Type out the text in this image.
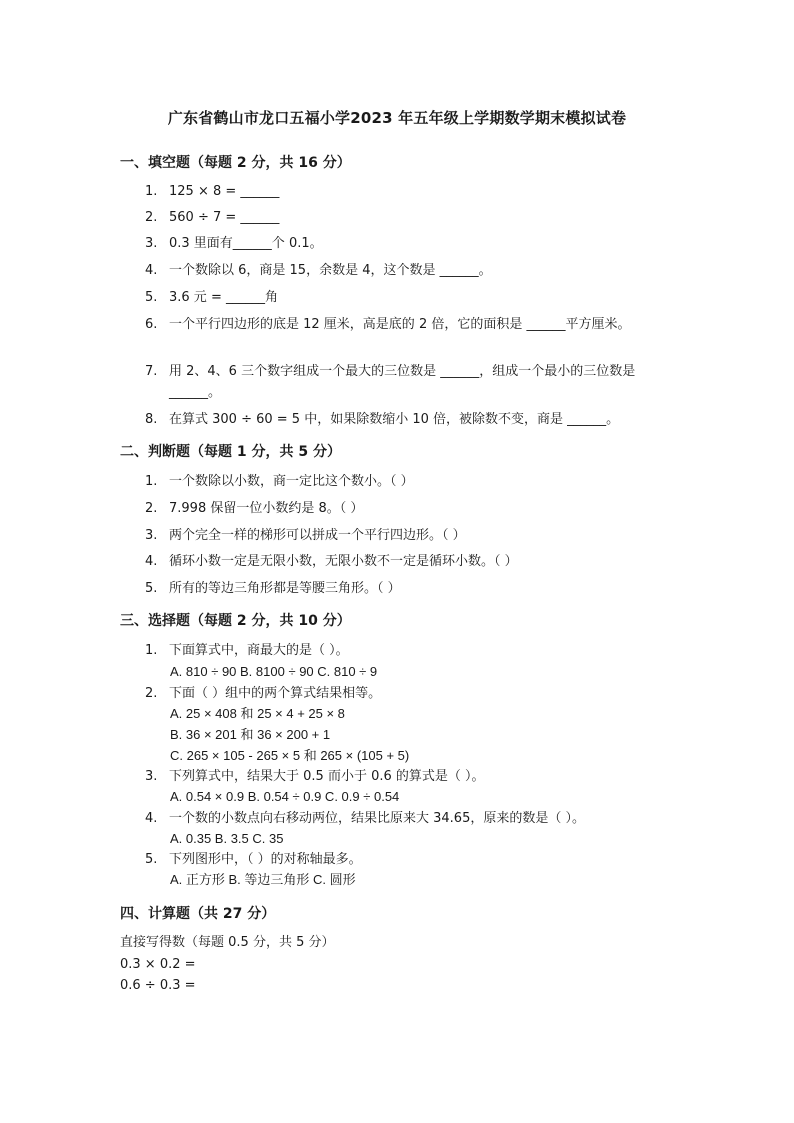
广东省鹤山市龙口五福小学2023 年五年级上学期数学期末模拟试卷
一、填空题（每题 2 分，共 16 分）
1. 125 × 8 = ______
2. 560 ÷ 7 = ______
3. 0.3 里面有______个 0.1。
4. 一个数除以 6，商是 15，余数是 4，这个数是 ______。
5. 3.6 元 = ______角
6. 一个平行四边形的底是 12 厘米，高是底的 2 倍，它的面积是 ______平方厘米。
7. 用 2、4、6 三个数字组成一个最大的三位数是 ______，组成一个最小的三位数是______。
8. 在算式 300 ÷ 60 = 5 中，如果除数缩小 10 倍，被除数不变，商是 ______。
二、判断题（每题 1 分，共 5 分）
1. 一个数除以小数，商一定比这个数小。（ ）
2. 7.998 保留一位小数约是 8。（ ）
3. 两个完全一样的梯形可以拼成一个平行四边形。（ ）
4. 循环小数一定是无限小数，无限小数不一定是循环小数。（ ）
5. 所有的等边三角形都是等腰三角形。（ ）
三、选择题（每题 2 分，共 10 分）
1. 下面算式中，商最大的是（ ）。
A. 810 ÷ 90 B. 8100 ÷ 90 C. 810 ÷ 9
2. 下面（ ）组中的两个算式结果相等。
A. 25 × 408 和 25 × 4 + 25 × 8
B. 36 × 201 和 36 × 200 + 1
C. 265 × 105 - 265 × 5 和 265 × (105 + 5)
3. 下列算式中，结果大于 0.5 而小于 0.6 的算式是（ ）。
A. 0.54 × 0.9 B. 0.54 ÷ 0.9 C. 0.9 ÷ 0.54
4. 一个数的小数点向右移动两位，结果比原来大 34.65，原来的数是（ ）。
A. 0.35 B. 3.5 C. 35
5. 下列图形中，（ ）的对称轴最多。
A. 正方形 B. 等边三角形 C. 圆形
四、计算题（共 27 分）
直接写得数（每题 0.5 分，共 5 分）
0.3 × 0.2 =
0.6 ÷ 0.3 =
